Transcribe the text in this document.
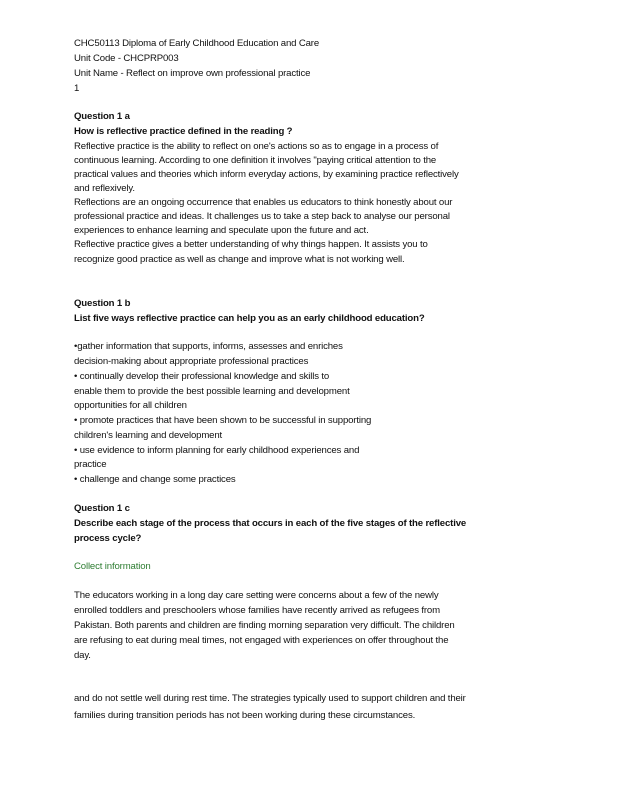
CHC50113 Diploma of Early Childhood Education and Care
Unit Code - CHCPRP003
Unit Name - Reflect on improve own professional practice
1
Question 1 a
How is reflective practice defined in the reading ?
Reflective practice is the ability to reflect on one's actions so as to engage in a process of
continuous learning. According to one definition it involves "paying critical attention to the
practical values and theories which inform everyday actions, by examining practice reflectively
and reflexively.
Reflections are an ongoing occurrence that enables us educators to think honestly about our
professional practice and ideas. It challenges us to take a step back to analyse our personal
experiences to enhance learning and speculate upon the future and act.
Reflective practice gives a better understanding of why things happen. It assists you to
recognize good practice as well as change and improve what is not working well.
Question 1 b
List five ways reflective practice can help you as an early childhood education?
•gather information that supports, informs, assesses and enriches
decision-making about appropriate professional practices
• continually develop their professional knowledge and skills to
enable them to provide the best possible learning and development
opportunities for all children
• promote practices that have been shown to be successful in supporting
children's learning and development
• use evidence to inform planning for early childhood experiences and
practice
• challenge and change some practices
Question 1 c
Describe each stage of the process that occurs in each of the five stages of the reflective
process cycle?
Collect information
The educators working in a long day care setting were concerns about a few of the newly
enrolled toddlers and preschoolers whose families have recently arrived as refugees from
Pakistan. Both parents and children are finding morning separation very difficult. The children
are refusing to eat during meal times, not engaged with experiences on offer throughout the
day.
and do not settle well during rest time. The strategies typically used to support children and their
families during transition periods has not been working during these circumstances.
